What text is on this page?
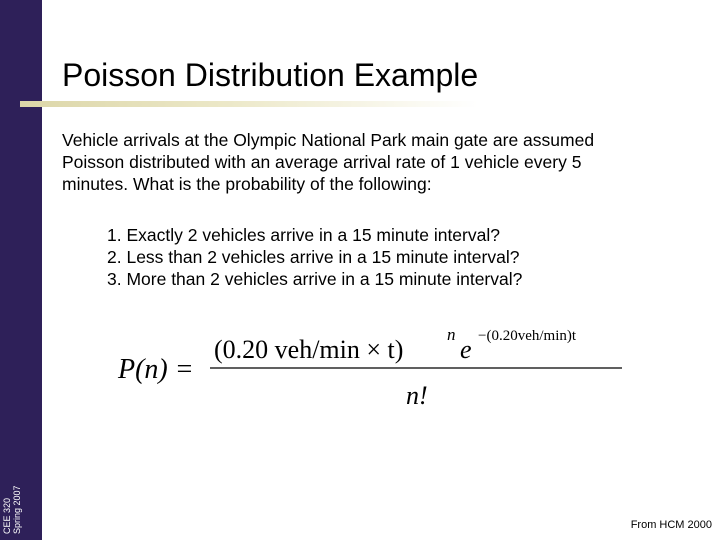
CEE 320 Spring 2007
Poisson Distribution Example
Vehicle arrivals at the Olympic National Park main gate are assumed
Poisson distributed with an average arrival rate of 1 vehicle every 5
minutes. What is the probability of the following:
1. Exactly 2 vehicles arrive in a 15 minute interval?
2. Less than 2 vehicles arrive in a 15 minute interval?
3. More than 2 vehicles arrive in a 15 minute interval?
P(n) =
(0.20 veh/min × t)
n
e −(0.20veh/min)t
n!
From HCM 2000
